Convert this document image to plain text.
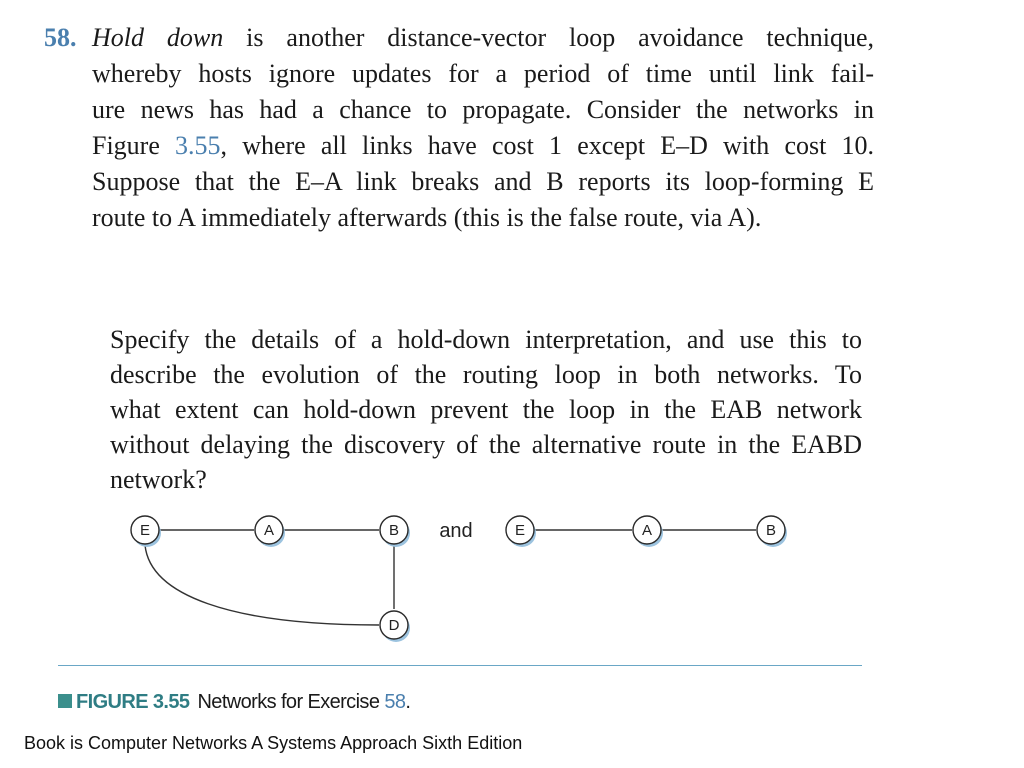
58. Hold down is another distance-vector loop avoidance technique,
whereby hosts ignore updates for a period of time until link fail-
ure news has had a chance to propagate. Consider the networks in
Figure 3.55, where all links have cost 1 except E–D with cost 10.
Suppose that the E–A link breaks and B reports its loop-forming E
route to A immediately afterwards (this is the false route, via A).
Specify the details of a hold-down interpretation, and use this to
describe the evolution of the routing loop in both networks. To
what extent can hold-down prevent the loop in the EAB network
without delaying the discovery of the alternative route in the EABD
network?
E	A	B
D
and	E	A	B
FIGURE 3.55 Networks for Exercise 58.
Book is Computer Networks A Systems Approach Sixth Edition
